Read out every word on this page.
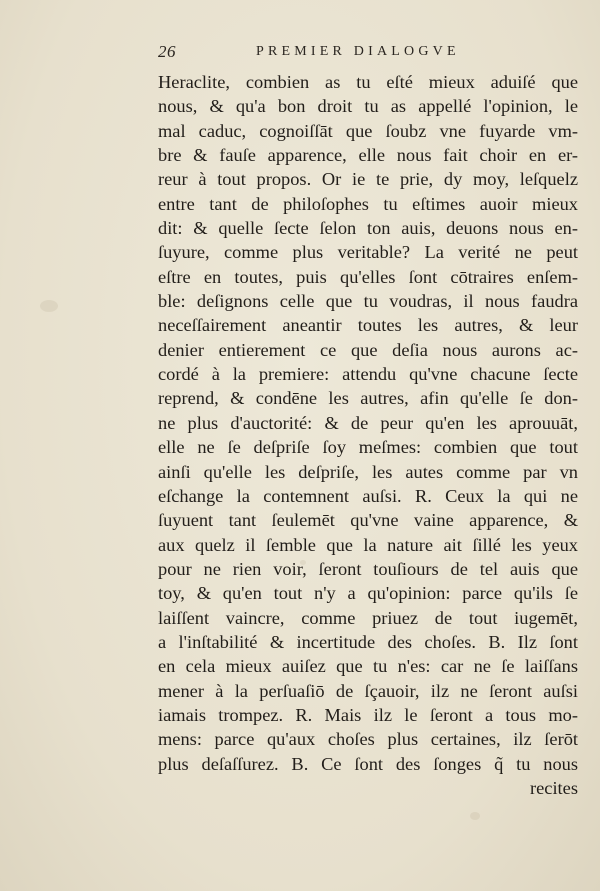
26	PREMIER DIALOGVE
Heraclite, combien as tu eſté mieux aduiſé que
nous, & qu'a bon droit tu as appellé l'opinion, le
mal caduc, cognoiſſāt que ſoubz vne fuyarde vm-
bre & fauſe apparence, elle nous fait choir en er-
reur à tout propos. Or ie te prie, dy moy, leſquelz
entre tant de philoſophes tu eſtimes auoir mieux
dit: & quelle ſecte ſelon ton auis, deuons nous en-
ſuyure, comme plus veritable? La verité ne peut
eſtre en toutes, puis qu'elles ſont cōtraires enſem-
ble: deſignons celle que tu voudras, il nous faudra
neceſſairement aneantir toutes les autres, & leur
denier entierement ce que deſia nous aurons ac-
cordé à la premiere: attendu qu'vne chacune ſecte
reprend, & condēne les autres, afin qu'elle ſe don-
ne plus d'auctorité: & de peur qu'en les aprouuāt,
elle ne ſe deſpriſe ſoy meſmes: combien que tout
ainſi qu'elle les deſpriſe, les autes comme par vn
eſchange la contemnent auſsi. R. Ceux la qui ne
ſuyuent tant ſeulemēt qu'vne vaine apparence, &
aux quelz il ſemble que la nature ait ſillé les yeux
pour ne rien voir, ſeront touſiours de tel auis que
toy, & qu'en tout n'y a qu'opinion: parce qu'ils ſe
laiſſent vaincre, comme priuez de tout iugemēt,
a l'inſtabilité & incertitude des choſes. B. Ilz ſont
en cela mieux auiſez que tu n'es: car ne ſe laiſſans
mener à la perſuaſiō de ſçauoir, ilz ne ſeront auſsi
iamais trompez. R. Mais ilz le ſeront a tous mo-
mens: parce qu'aux choſes plus certaines, ilz ſerōt
plus deſaſſurez. B. Ce ſont des ſonges q̃ tu nous
recites
